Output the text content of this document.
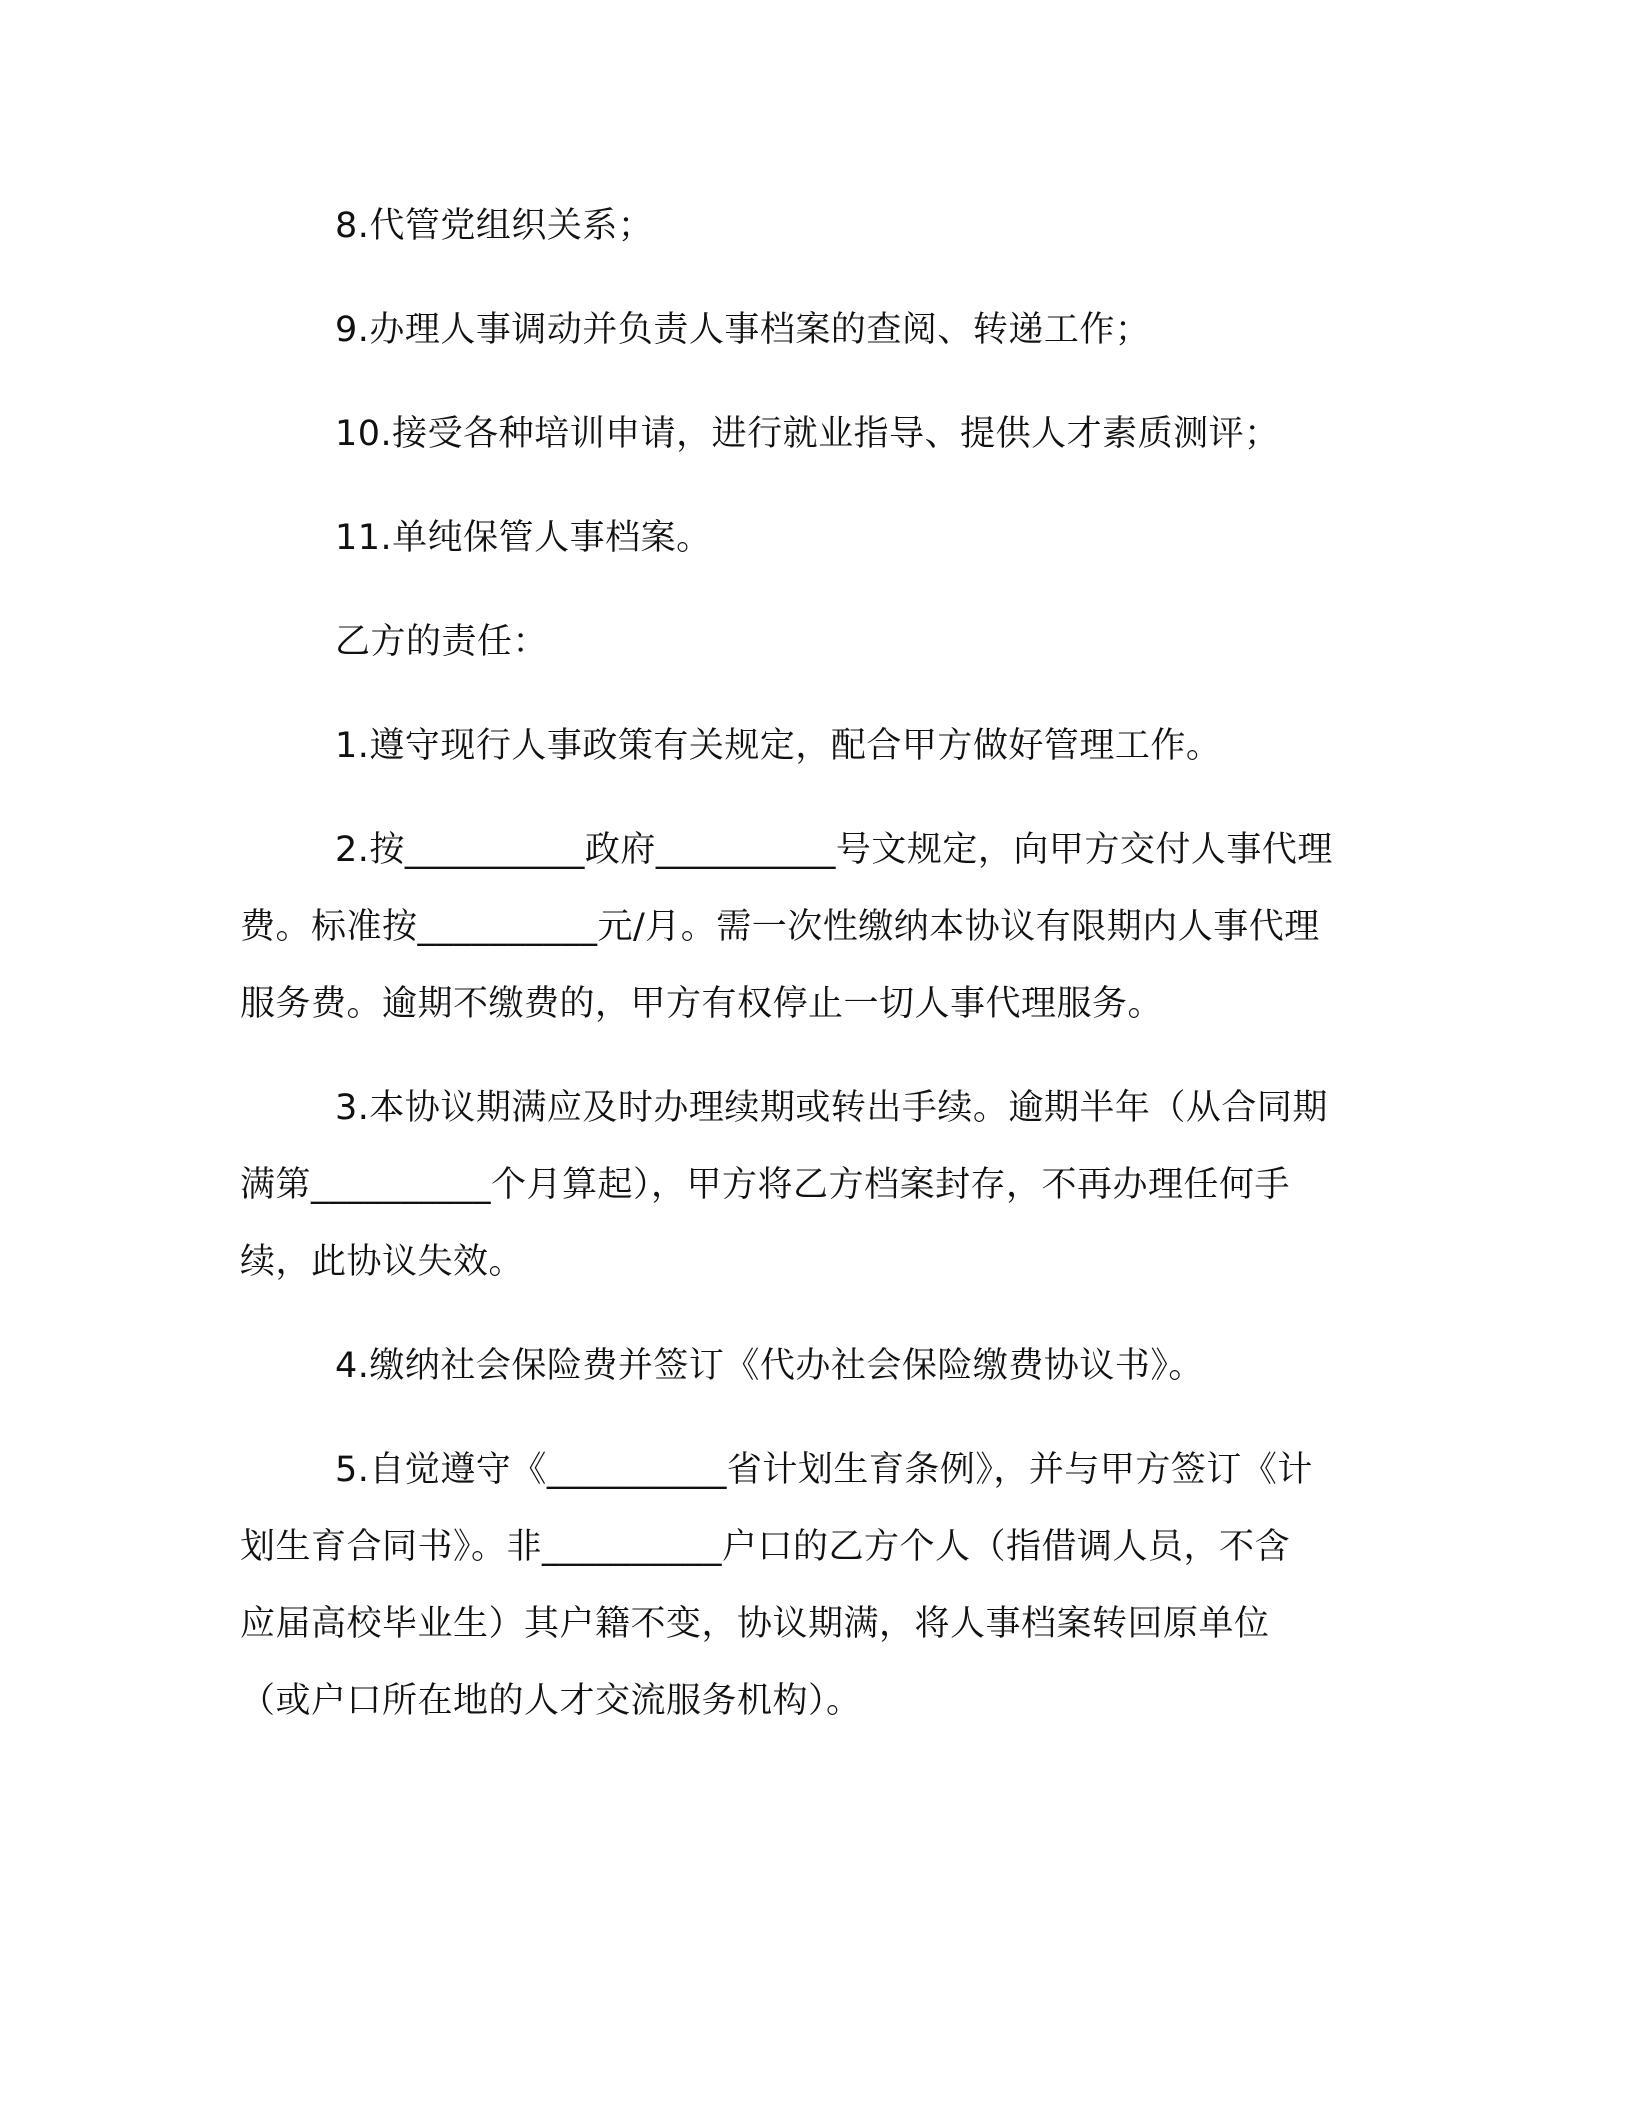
8.代管党组织关系；

9.办理人事调动并负责人事档案的查阅、转递工作；

10.接受各种培训申请，进行就业指导、提供人才素质测评；

11.单纯保管人事档案。

乙方的责任：

1.遵守现行人事政策有关规定，配合甲方做好管理工作。

2.按__________政府__________号文规定，向甲方交付人事代理
费。标准按__________元/月。需一次性缴纳本协议有限期内人事代理
服务费。逾期不缴费的，甲方有权停止一切人事代理服务。

3.本协议期满应及时办理续期或转出手续。逾期半年（从合同期
满第__________个月算起），甲方将乙方档案封存，不再办理任何手
续，此协议失效。

4.缴纳社会保险费并签订《代办社会保险缴费协议书》。

5.自觉遵守《__________省计划生育条例》，并与甲方签订《计
划生育合同书》。非__________户口的乙方个人（指借调人员，不含
应届高校毕业生）其户籍不变，协议期满，将人事档案转回原单位
（或户口所在地的人才交流服务机构）。
